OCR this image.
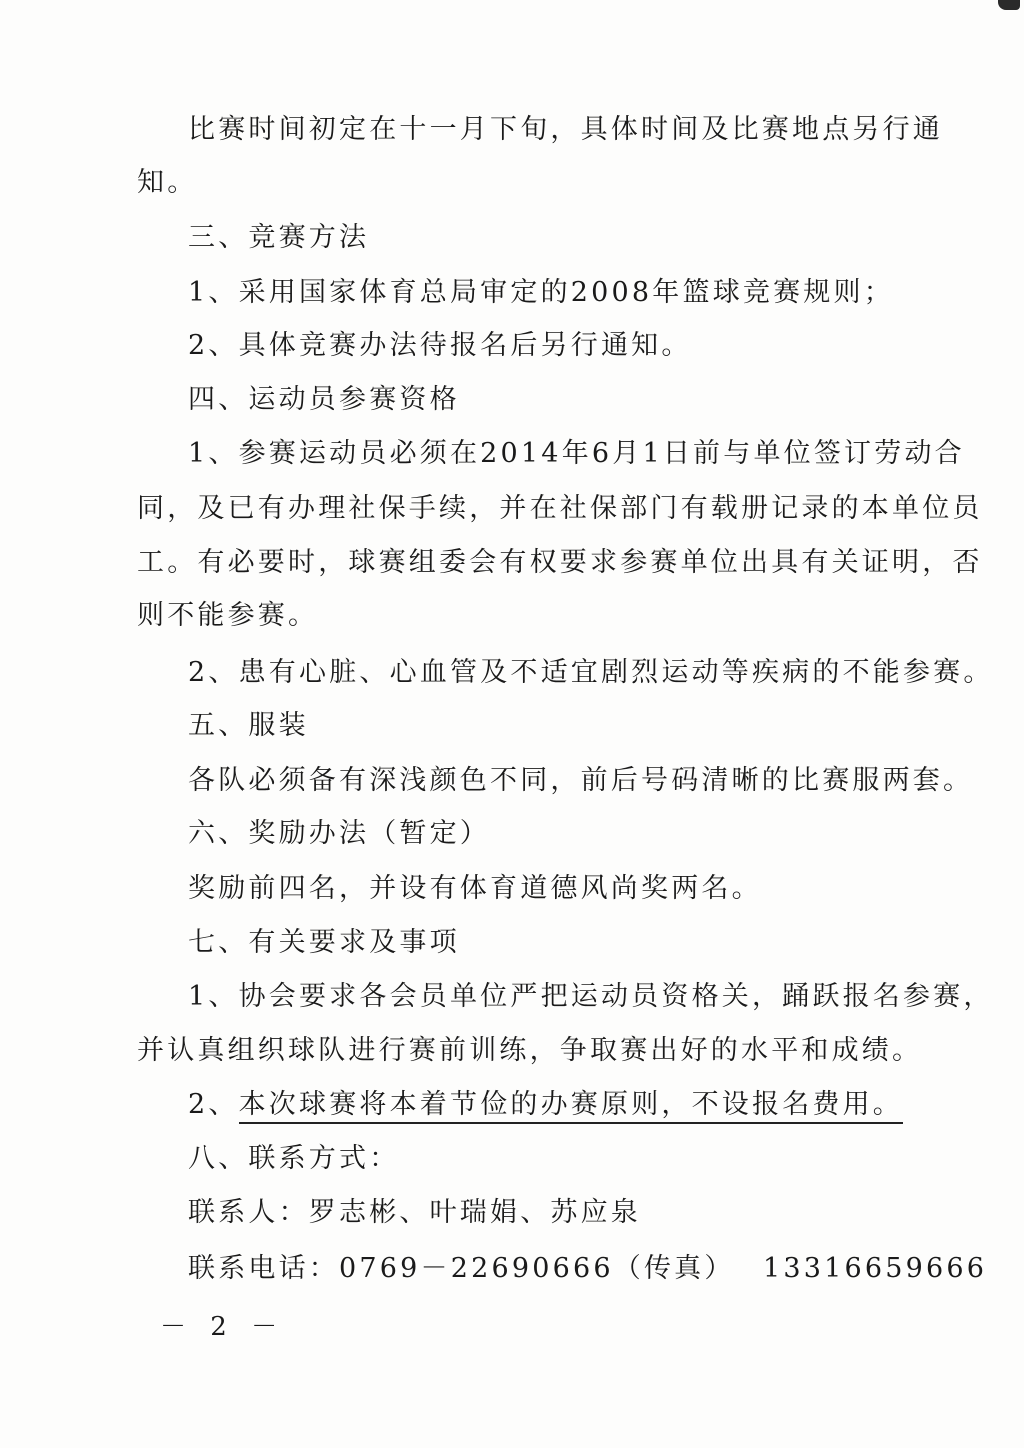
比赛时间初定在十一月下旬，具体时间及比赛地点另行通
知。
三、竞赛方法
1、采用国家体育总局审定的2008年篮球竞赛规则；
2、具体竞赛办法待报名后另行通知。
四、运动员参赛资格
1、参赛运动员必须在2014年6月1日前与单位签订劳动合
同，及已有办理社保手续，并在社保部门有载册记录的本单位员
工。有必要时，球赛组委会有权要求参赛单位出具有关证明，否
则不能参赛。
2、患有心脏、心血管及不适宜剧烈运动等疾病的不能参赛。
五、服装
各队必须备有深浅颜色不同，前后号码清晰的比赛服两套。
六、奖励办法（暂定）
奖励前四名，并设有体育道德风尚奖两名。
七、有关要求及事项
1、协会要求各会员单位严把运动员资格关，踊跃报名参赛，
并认真组织球队进行赛前训练，争取赛出好的水平和成绩。
2、本次球赛将本着节俭的办赛原则，不设报名费用。
八、联系方式：
联系人：罗志彬、叶瑞娟、苏应泉
联系电话：0769－22690666（传真）　 13316659666
－ 2 －
